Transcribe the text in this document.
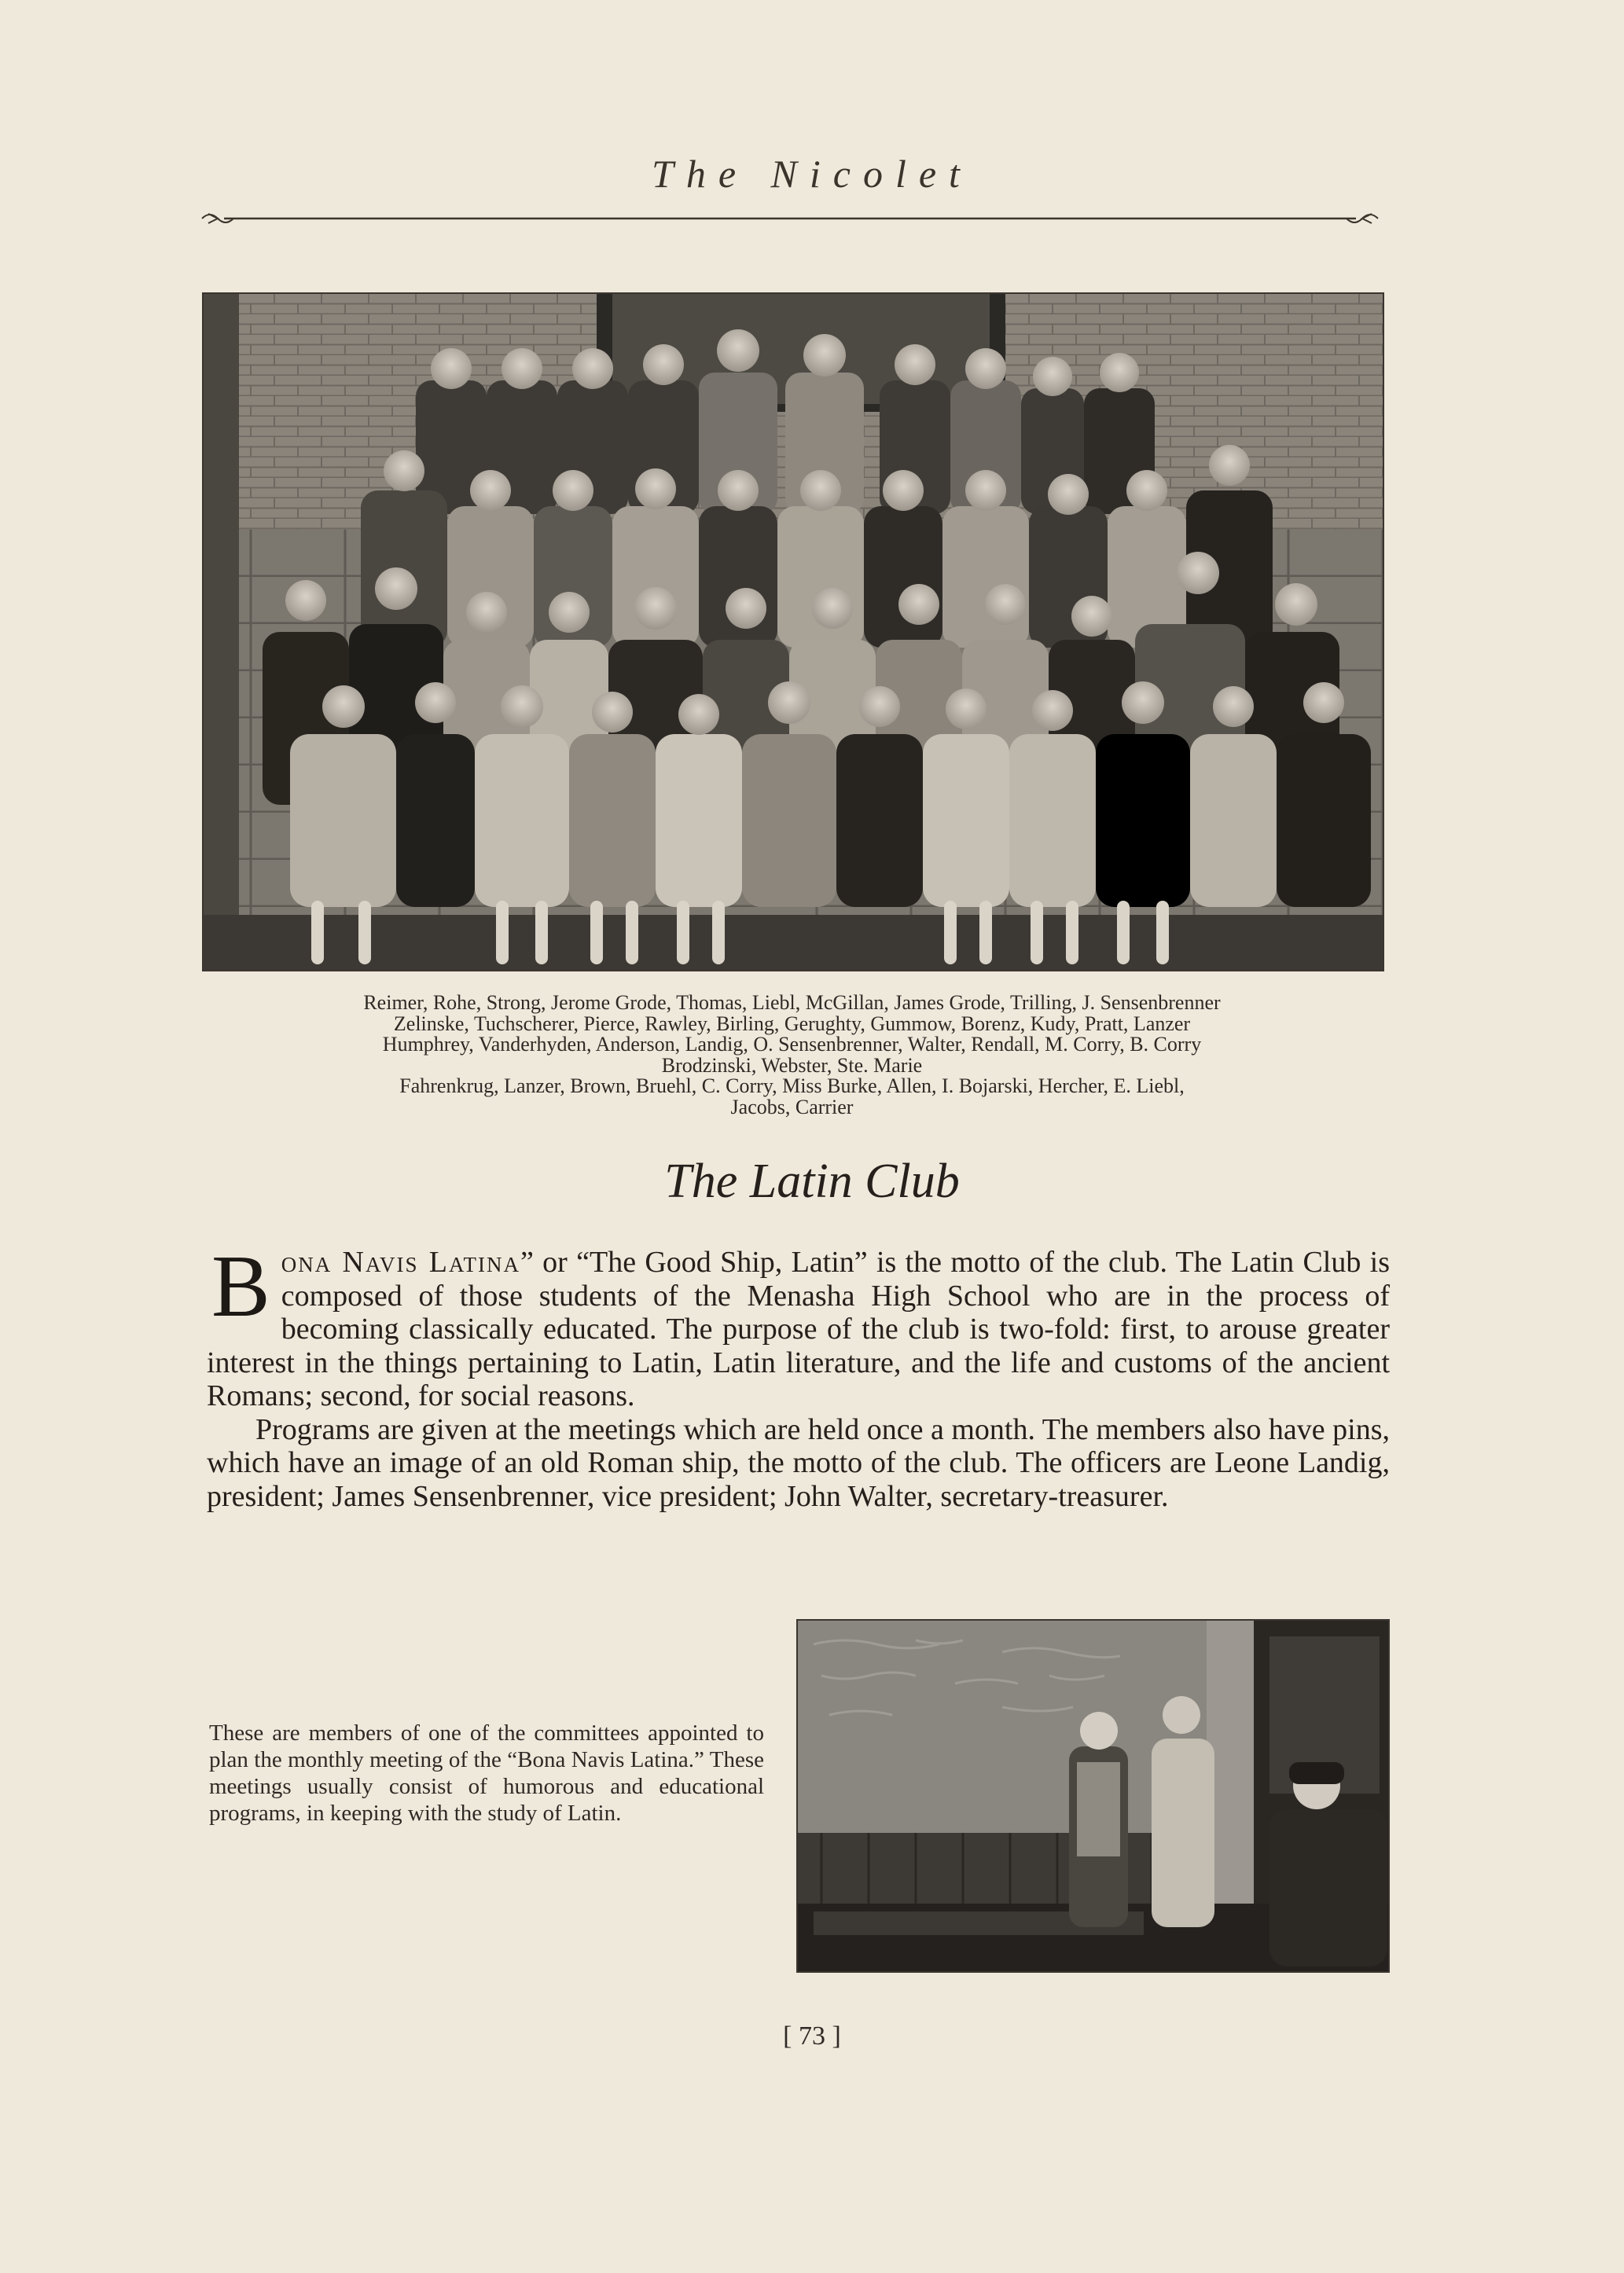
The Nicolet
Reimer, Rohe, Strong, Jerome Grode, Thomas, Liebl, McGillan, James Grode, Trilling, J. Sensenbrenner
Zelinske, Tuchscherer, Pierce, Rawley, Birling, Gerughty, Gummow, Borenz, Kudy, Pratt, Lanzer
Humphrey, Vanderhyden, Anderson, Landig, O. Sensenbrenner, Walter, Rendall, M. Corry, B. Corry
Brodzinski, Webster, Ste. Marie
Fahrenkrug, Lanzer, Brown, Bruehl, C. Corry, Miss Burke, Allen, I. Bojarski, Hercher, E. Liebl,
Jacobs, Carrier
The Latin Club

Bona Navis Latina” or “The Good Ship, Latin” is the motto of the club. The Latin Club is composed of those students of the Menasha High School who are in the process of becoming classically educated. The purpose of the club is two-fold: first, to arouse greater interest in the things pertaining to Latin, Latin literature, and the life and customs of the ancient Romans; second, for social reasons.

Programs are given at the meetings which are held once a month. The members also have pins, which have an image of an old Roman ship, the motto of the club. The officers are Leone Landig, president; James Sensenbrenner, vice president; John Walter, secretary-treasurer.

These are members of one of the committees appointed to plan the monthly meeting of the “Bona Navis Latina.” These meetings usually consist of humorous and educational programs, in keeping with the study of Latin.
[ 73 ]
